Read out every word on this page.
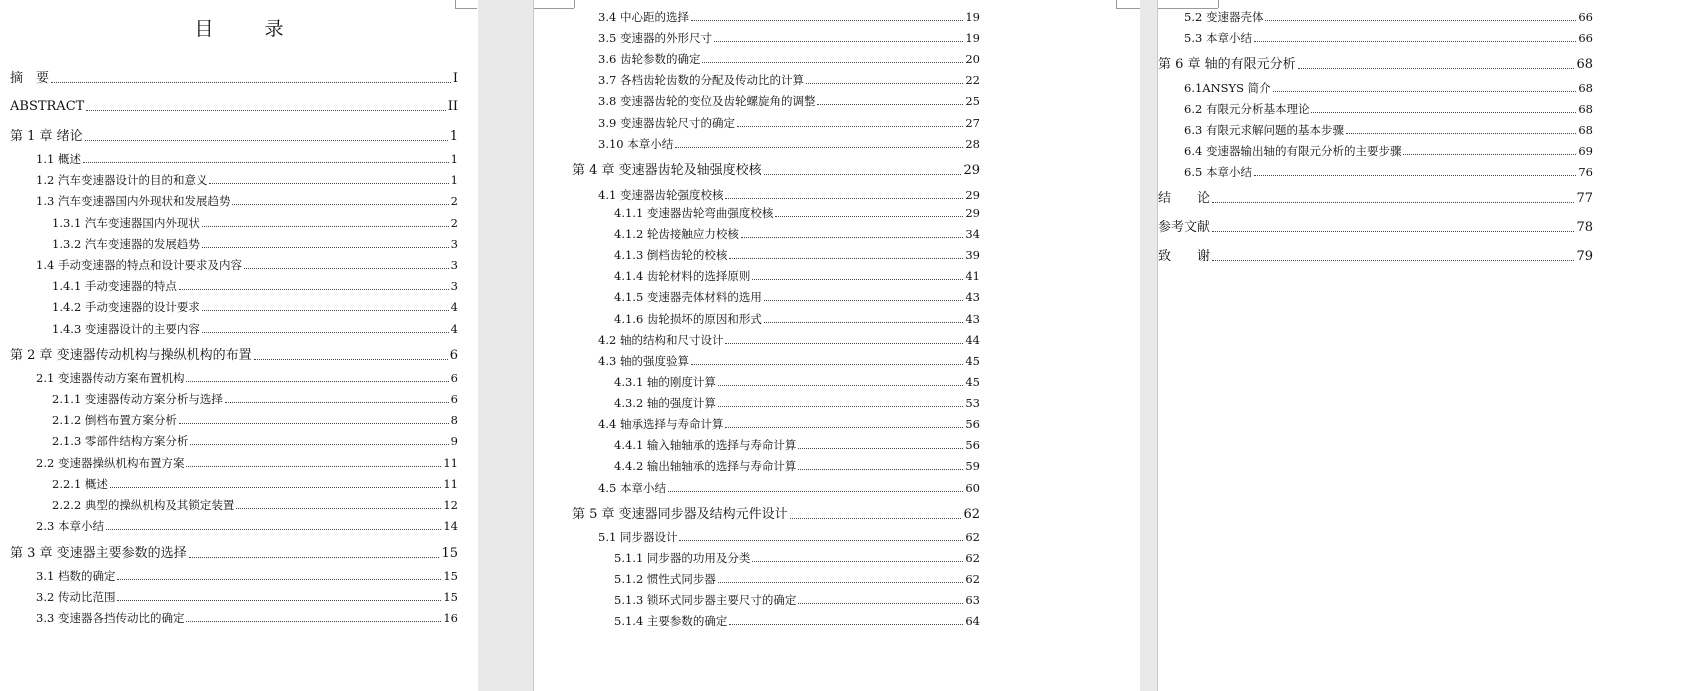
目　录
摘　要	I
ABSTRACT	II
第 1 章 绪论	1
1.1 概述	1
1.2 汽车变速器设计的目的和意义	1
1.3 汽车变速器国内外现状和发展趋势	2
1.3.1 汽车变速器国内外现状	2
1.3.2 汽车变速器的发展趋势	3
1.4 手动变速器的特点和设计要求及内容	3
1.4.1 手动变速器的特点	3
1.4.2 手动变速器的设计要求	4
1.4.3 变速器设计的主要内容	4
第 2 章 变速器传动机构与操纵机构的布置	6
2.1 变速器传动方案布置机构	6
2.1.1 变速器传动方案分析与选择	6
2.1.2 倒档布置方案分析	8
2.1.3 零部件结构方案分析	9
2.2 变速器操纵机构布置方案	11
2.2.1 概述	11
2.2.2 典型的操纵机构及其锁定装置	12
2.3 本章小结	14
第 3 章 变速器主要参数的选择	15
3.1 档数的确定	15
3.2 传动比范围	15
3.3 变速器各挡传动比的确定	16
3.4 中心距的选择	19
3.5 变速器的外形尺寸	19
3.6 齿轮参数的确定	20
3.7 各档齿轮齿数的分配及传动比的计算	22
3.8 变速器齿轮的变位及齿轮螺旋角的调整	25
3.9 变速器齿轮尺寸的确定	27
3.10 本章小结	28
第 4 章 变速器齿轮及轴强度校核	29
4.1 变速器齿轮强度校核	29
4.1.1 变速器齿轮弯曲强度校核	29
4.1.2 轮齿接触应力校核	34
4.1.3 倒档齿轮的校核	39
4.1.4 齿轮材料的选择原则	41
4.1.5 变速器壳体材料的选用	43
4.1.6 齿轮损坏的原因和形式	43
4.2 轴的结构和尺寸设计	44
4.3 轴的强度验算	45
4.3.1 轴的刚度计算	45
4.3.2 轴的强度计算	53
4.4 轴承选择与寿命计算	56
4.4.1 输入轴轴承的选择与寿命计算	56
4.4.2 输出轴轴承的选择与寿命计算	59
4.5 本章小结	60
第 5 章 变速器同步器及结构元件设计	62
5.1 同步器设计	62
5.1.1 同步器的功用及分类	62
5.1.2 惯性式同步器	62
5.1.3 锁环式同步器主要尺寸的确定	63
5.1.4 主要参数的确定	64
5.2 变速器壳体	66
5.3 本章小结	66
第 6 章 轴的有限元分析	68
6.1ANSYS 简介	68
6.2 有限元分析基本理论	68
6.3 有限元求解问题的基本步骤	68
6.4 变速器输出轴的有限元分析的主要步骤	69
6.5 本章小结	76
结　　论	77
参考文献	78
致　　谢	79
